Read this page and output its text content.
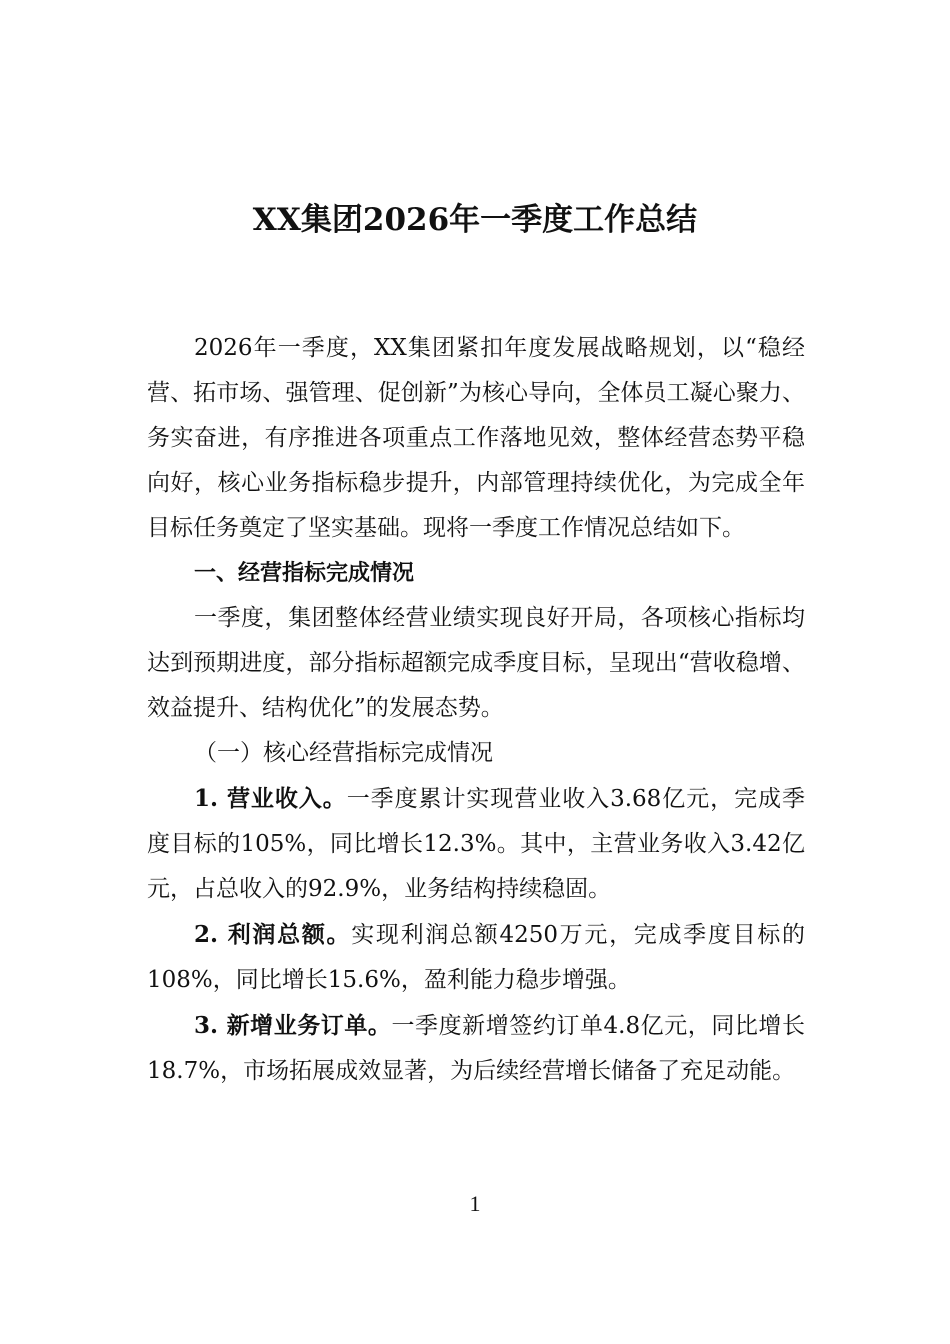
XX集团2026年一季度工作总结

2026年一季度，XX集团紧扣年度发展战略规划，以“稳经营、拓市场、强管理、促创新”为核心导向，全体员工凝心聚力、务实奋进，有序推进各项重点工作落地见效，整体经营态势平稳向好，核心业务指标稳步提升，内部管理持续优化，为完成全年目标任务奠定了坚实基础。现将一季度工作情况总结如下。

一、经营指标完成情况

一季度，集团整体经营业绩实现良好开局，各项核心指标均达到预期进度，部分指标超额完成季度目标，呈现出“营收稳增、效益提升、结构优化”的发展态势。

（一）核心经营指标完成情况

1. 营业收入。一季度累计实现营业收入3.68亿元，完成季度目标的105%，同比增长12.3%。其中，主营业务收入3.42亿元，占总收入的92.9%，业务结构持续稳固。

2. 利润总额。实现利润总额4250万元，完成季度目标的108%，同比增长15.6%，盈利能力稳步增强。

3. 新增业务订单。一季度新增签约订单4.8亿元，同比增长18.7%，市场拓展成效显著，为后续经营增长储备了充足动能。

1
